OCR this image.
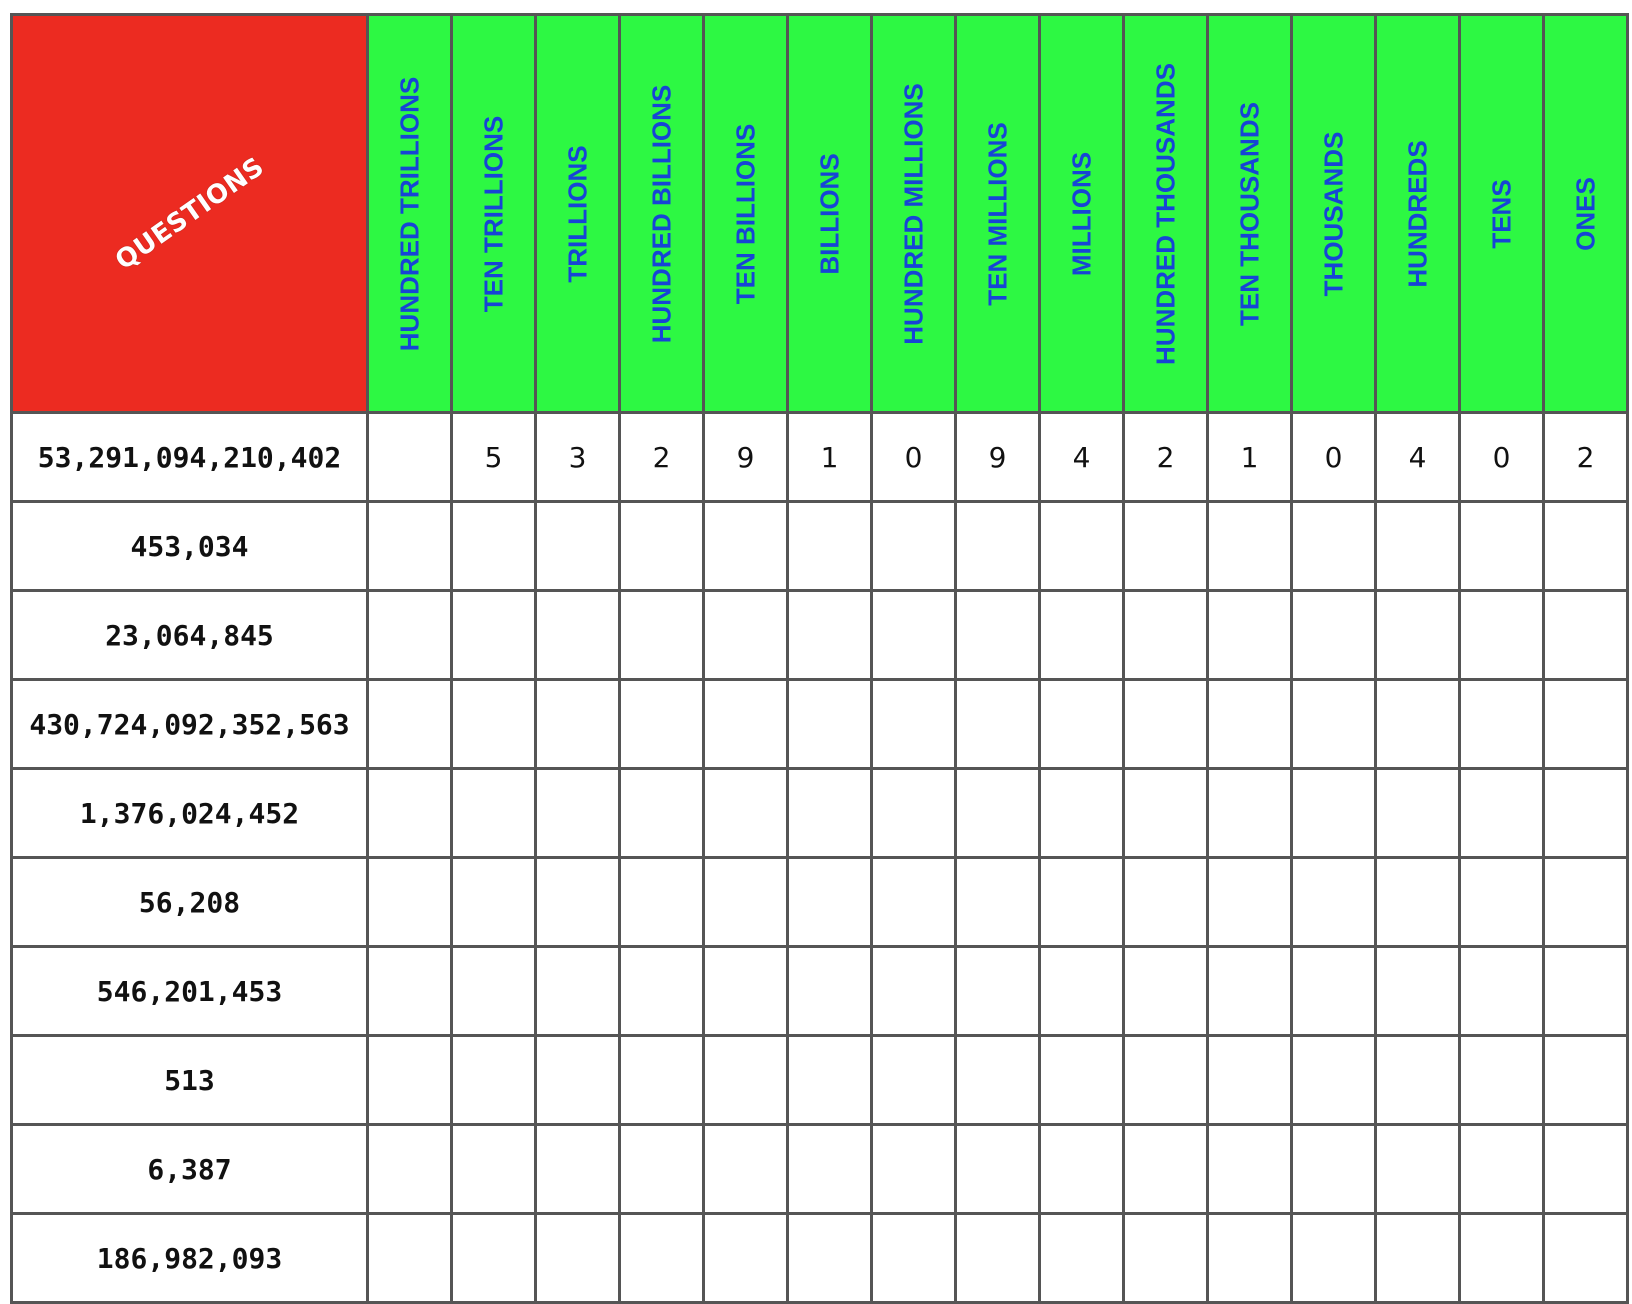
QUESTIONS	HUNDRED TRILLIONS	TEN TRILLIONS	TRILLIONS	HUNDRED BILLIONS	TEN BILLIONS	BILLIONS	HUNDRED MILLIONS	TEN MILLIONS	MILLIONS	HUNDRED THOUSANDS	TEN THOUSANDS	THOUSANDS	HUNDREDS	TENS	ONES

53,291,094,210,402		5	3	2	9	1	0	9	4	2	1	0	4	0	2
453,034															
23,064,845															
430,724,092,352,563															
1,376,024,452															
56,208															
546,201,453															
513															
6,387															
186,982,093															
